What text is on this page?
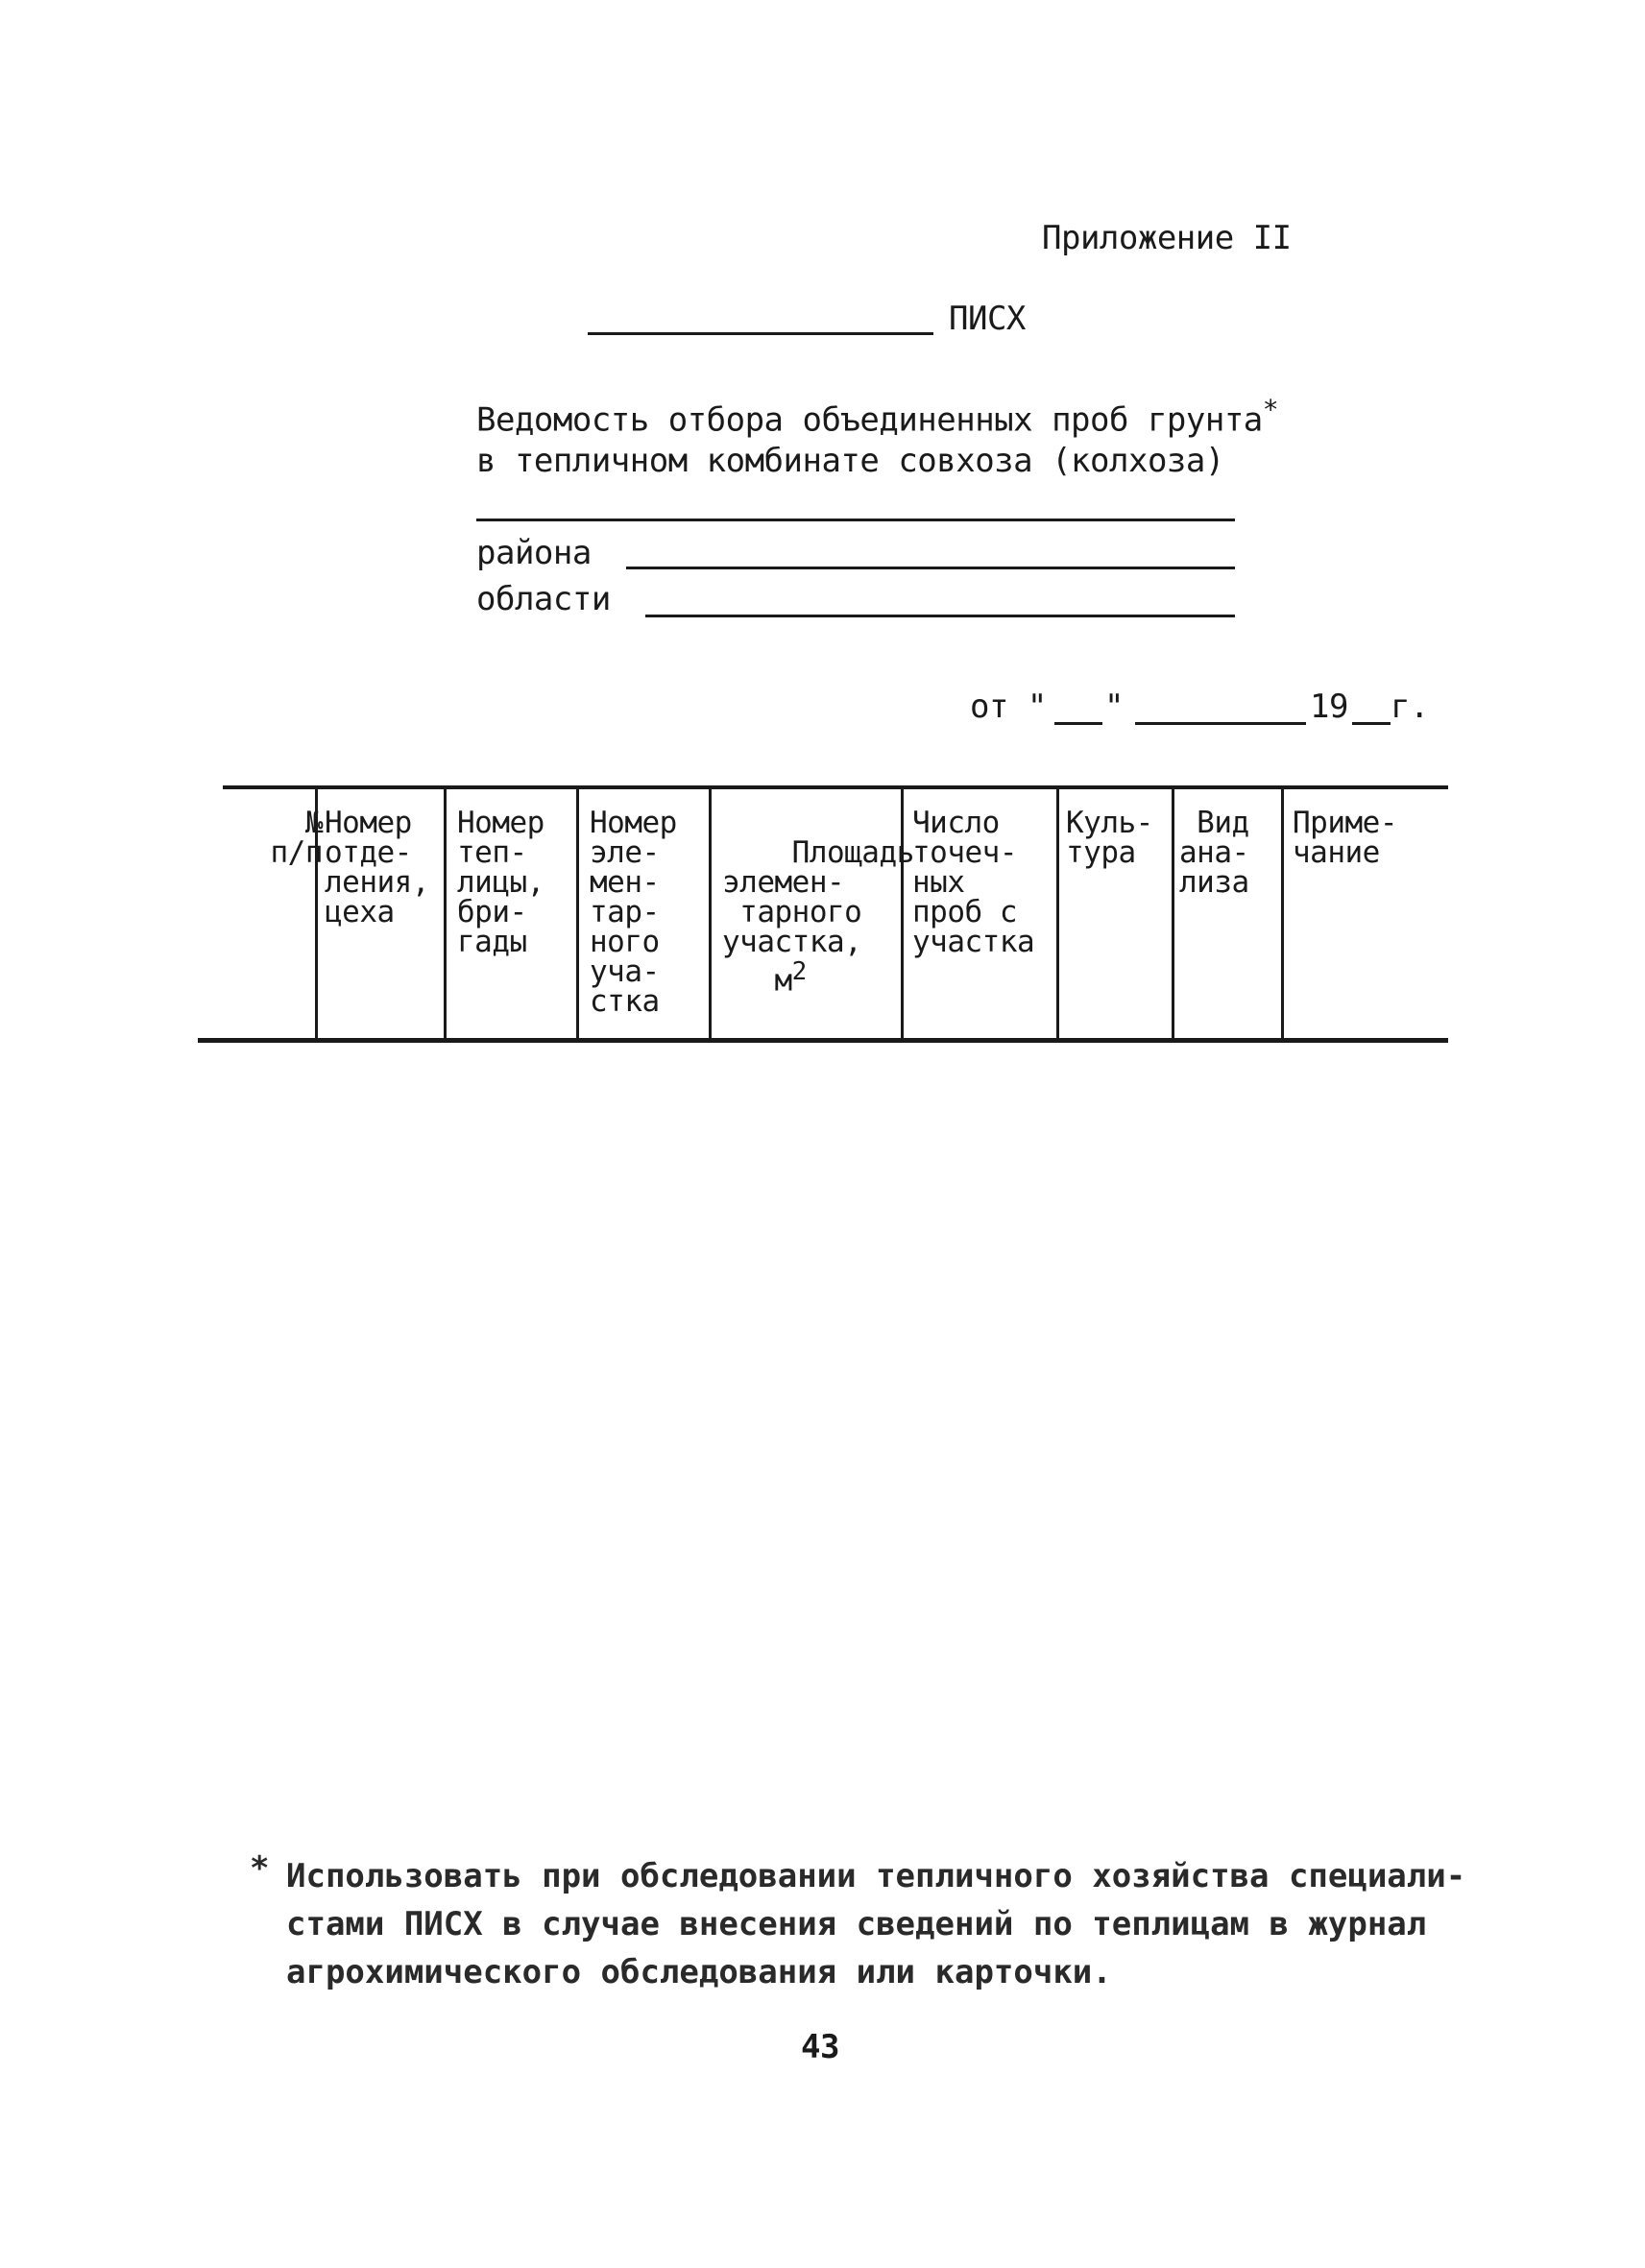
Приложение II
ПИСХ
Ведомость отбора объединенных проб грунта*
в тепличном комбинате совхоза (колхоза)
района
области
от " "	19 г.
№
п/п
Номер
отде-
ления,
цеха
Номер
теп-
лицы,
бри-
гады
Номер
эле-
мен-
тар-
ного
уча-
стка

Площадь
элемен-
тарного
участка,
$м^2$

Число
точеч-
ных
проб с
участка
Куль-
тура
Вид
ана-
лиза
Приме-
чание
* Использовать при обследовании тепличного хозяйства специали-
стами ПИСХ в случае внесения сведений по теплицам в журнал
агрохимического обследования или карточки.
43
